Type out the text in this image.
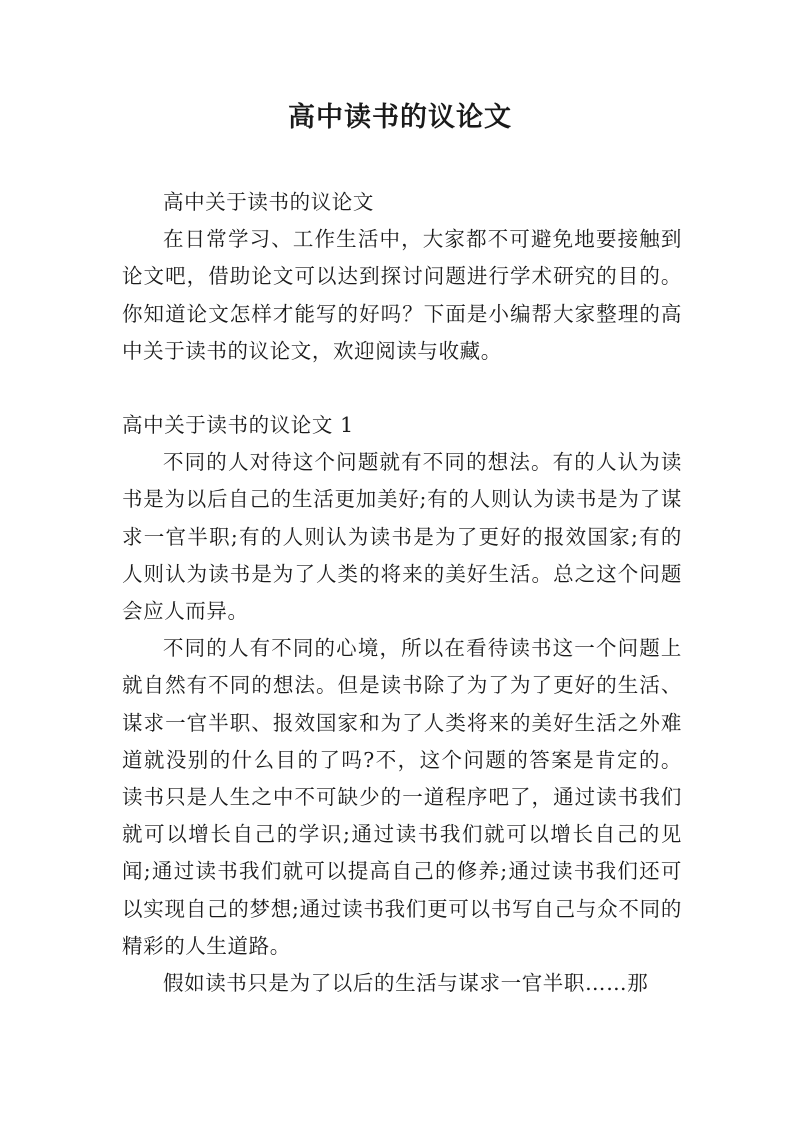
高中读书的议论文

高中关于读书的议论文

在日常学习、工作生活中，大家都不可避免地要接触到论文吧，借助论文可以达到探讨问题进行学术研究的目的。你知道论文怎样才能写的好吗？下面是小编帮大家整理的高中关于读书的议论文，欢迎阅读与收藏。

高中关于读书的议论文 1

不同的人对待这个问题就有不同的想法。有的人认为读书是为以后自己的生活更加美好;有的人则认为读书是为了谋求一官半职;有的人则认为读书是为了更好的报效国家;有的人则认为读书是为了人类的将来的美好生活。总之这个问题会应人而异。

不同的人有不同的心境，所以在看待读书这一个问题上就自然有不同的想法。但是读书除了为了为了更好的生活、谋求一官半职、报效国家和为了人类将来的美好生活之外难道就没别的什么目的了吗?不，这个问题的答案是肯定的。读书只是人生之中不可缺少的一道程序吧了，通过读书我们就可以增长自己的学识;通过读书我们就可以增长自己的见闻;通过读书我们就可以提高自己的修养;通过读书我们还可以实现自己的梦想;通过读书我们更可以书写自己与众不同的精彩的人生道路。

假如读书只是为了以后的生活与谋求一官半职……那
